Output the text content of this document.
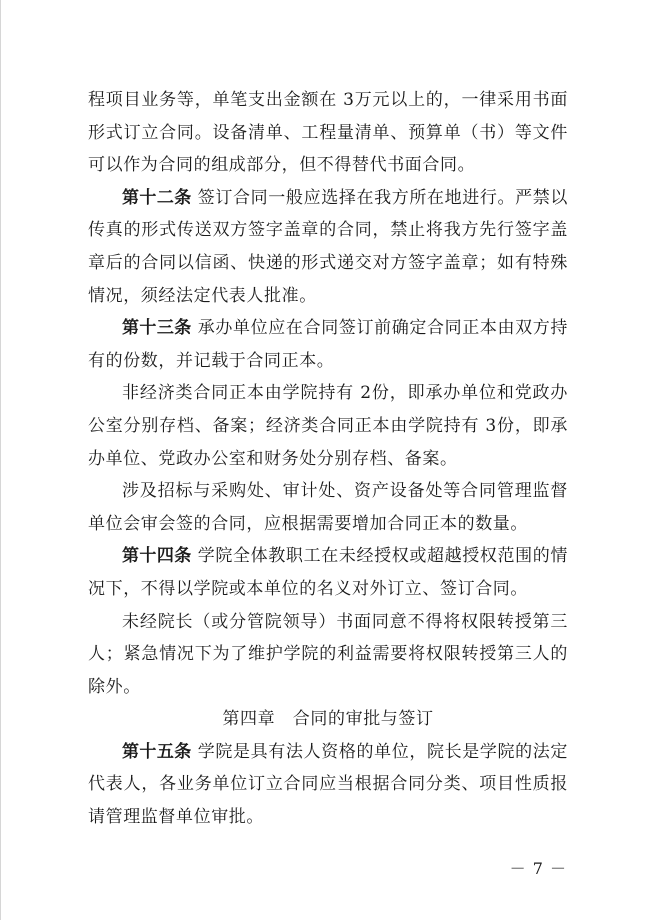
程项目业务等，单笔支出金额在 3万元以上的，一律采用书面形式订立合同。设备清单、工程量清单、预算单（书）等文件可以作为合同的组成部分，但不得替代书面合同。

第十二条 签订合同一般应选择在我方所在地进行。严禁以传真的形式传送双方签字盖章的合同，禁止将我方先行签字盖章后的合同以信函、快递的形式递交对方签字盖章；如有特殊情况，须经法定代表人批准。

第十三条 承办单位应在合同签订前确定合同正本由双方持有的份数，并记载于合同正本。

非经济类合同正本由学院持有 2份，即承办单位和党政办公室分别存档、备案；经济类合同正本由学院持有 3份，即承办单位、党政办公室和财务处分别存档、备案。

涉及招标与采购处、审计处、资产设备处等合同管理监督单位会审会签的合同，应根据需要增加合同正本的数量。

第十四条 学院全体教职工在未经授权或超越授权范围的情况下，不得以学院或本单位的名义对外订立、签订合同。

未经院长（或分管院领导）书面同意不得将权限转授第三人；紧急情况下为了维护学院的利益需要将权限转授第三人的除外。

第四章　合同的审批与签订

第十五条 学院是具有法人资格的单位，院长是学院的法定代表人，各业务单位订立合同应当根据合同分类、项目性质报请管理监督单位审批。

－ 7 －
